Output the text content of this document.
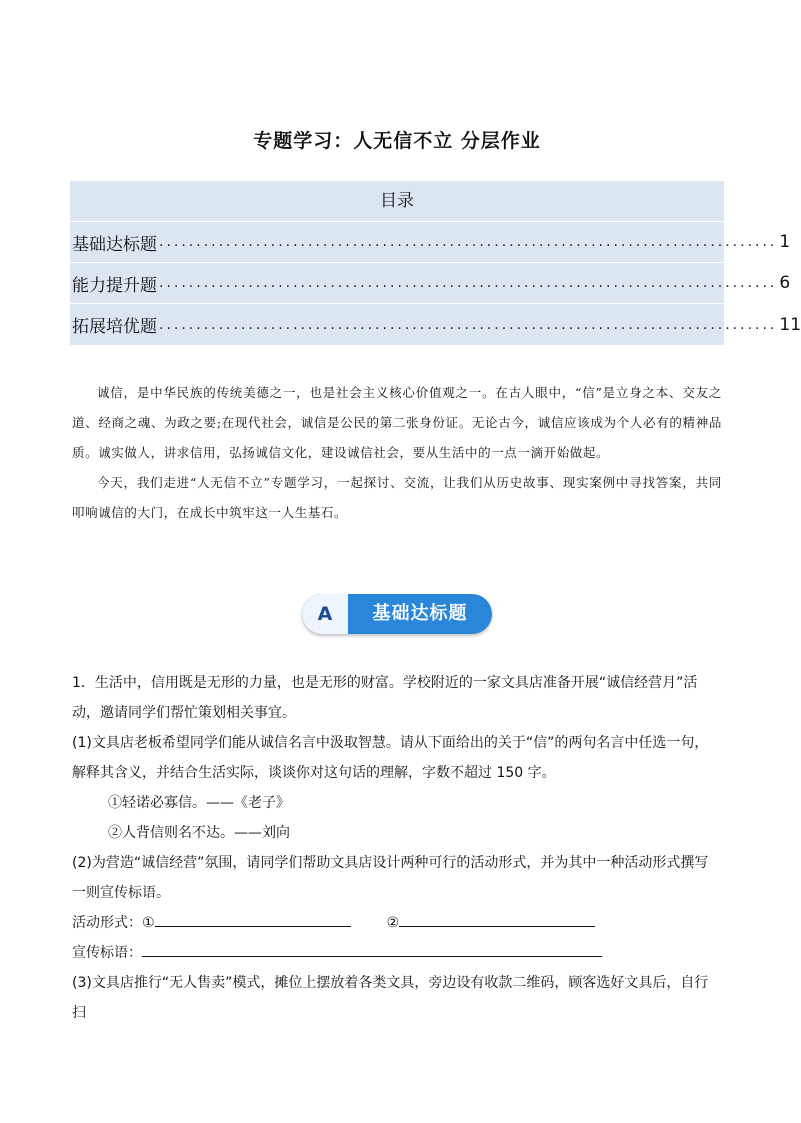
专题学习：人无信不立 分层作业
目录
基础达标题 ................................................................................... 1
能力提升题 ................................................................................... 6
拓展培优题 ................................................................................... 11

诚信，是中华民族的传统美德之一，也是社会主义核心价值观之一。在古人眼中，“信”是立身之本、交友之道、经商之魂、为政之要;在现代社会，诚信是公民的第二张身份证。无论古今，诚信应该成为个人必有的精神品质。诚实做人，讲求信用，弘扬诚信文化，建设诚信社会，要从生活中的一点一滴开始做起。

今天，我们走进“人无信不立”专题学习，一起探讨、交流，让我们从历史故事、现实案例中寻找答案，共同叩响诚信的大门，在成长中筑牢这一人生基石。

A	基础达标题

1．生活中，信用既是无形的力量，也是无形的财富。学校附近的一家文具店准备开展“诚信经营月”活动，邀请同学们帮忙策划相关事宜。

(1)文具店老板希望同学们能从诚信名言中汲取智慧。请从下面给出的关于“信”的两句名言中任选一句，解释其含义，并结合生活实际，谈谈你对这句话的理解，字数不超过 150 字。

①轻诺必寡信。——《老子》

②人背信则名不达。——刘向

(2)为营造“诚信经营”氛围，请同学们帮助文具店设计两种可行的活动形式，并为其中一种活动形式撰写一则宣传标语。

活动形式：①	②

宣传标语：

(3)文具店推行“无人售卖”模式，摊位上摆放着各类文具，旁边设有收款二维码，顾客选好文具后，自行扫
